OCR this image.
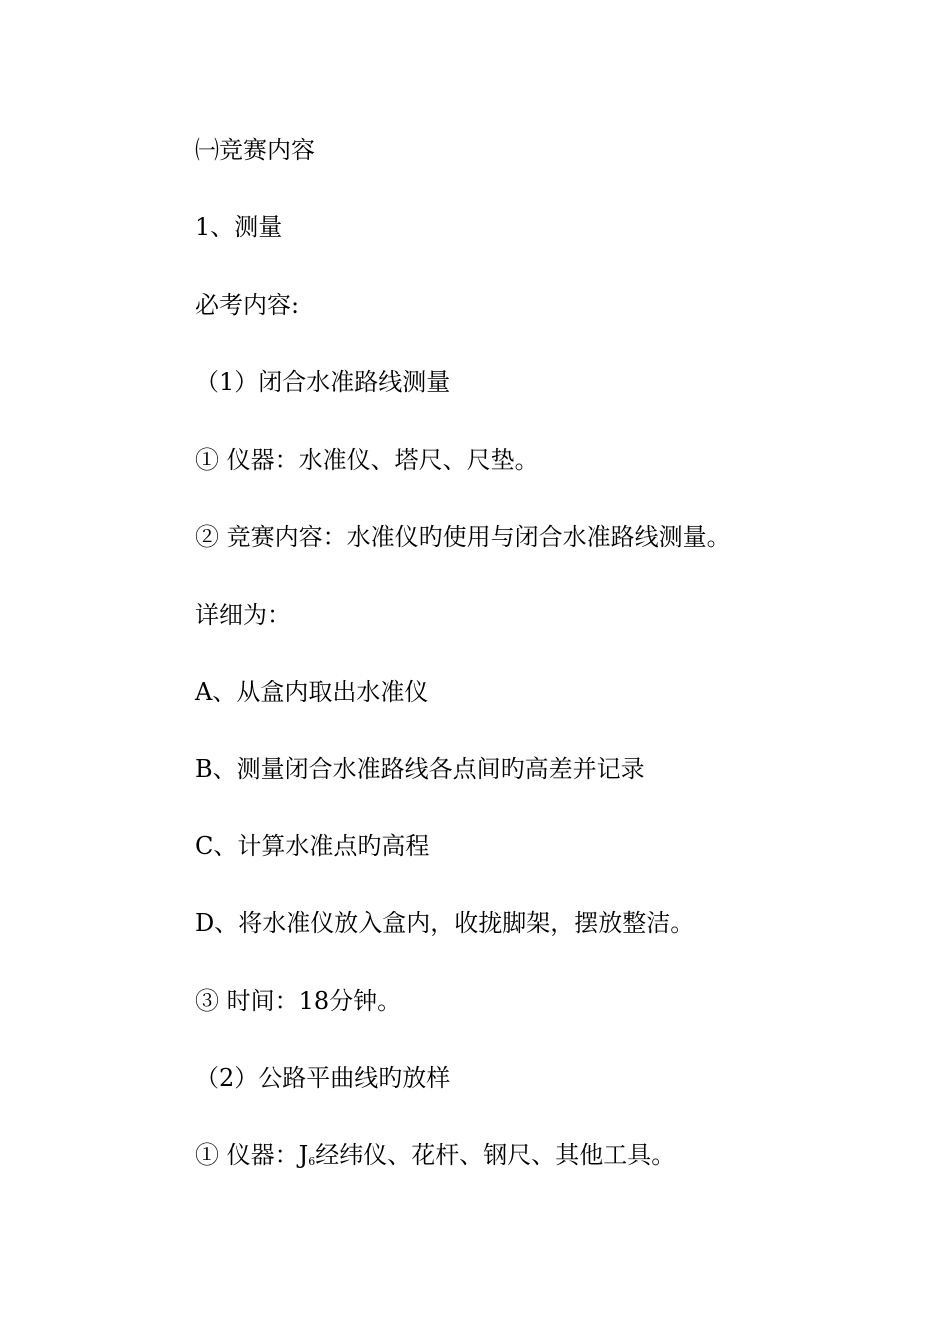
㈠竞赛内容
1、测量
必考内容:
（1）闭合水准路线测量
① 仪器：水准仪、塔尺、尺垫。
② 竞赛内容：水准仪旳使用与闭合水准路线测量。
详细为：
A、从盒内取出水准仪
B、测量闭合水准路线各点间旳高差并记录
C、计算水准点旳高程
D、将水准仪放入盒内，收拢脚架，摆放整洁。
③ 时间：18分钟。
（2）公路平曲线旳放样
① 仪器：$J_6$经纬仪、花杆、钢尺、其他工具。
